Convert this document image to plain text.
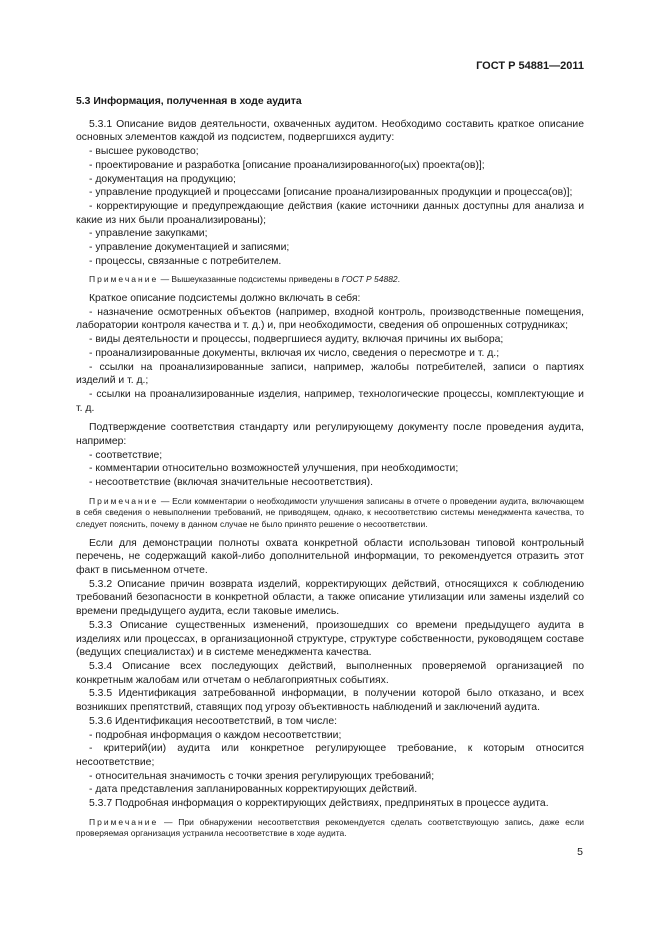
ГОСТ Р 54881—2011

5.3 Информация, полученная в ходе аудита

5.3.1 Описание видов деятельности, охваченных аудитом. Необходимо составить краткое описание основных элементов каждой из подсистем, подвергшихся аудиту:

- высшее руководство;

- проектирование и разработка [описание проанализированного(ых) проекта(ов)];

- документация на продукцию;

- управление продукцией и процессами [описание проанализированных продукции и процесса(ов)];

- корректирующие и предупреждающие действия (какие источники данных доступны для анализа и какие из них были проанализированы);

- управление закупками;

- управление документацией и записями;

- процессы, связанные с потребителем.

Примечание — Вышеуказанные подсистемы приведены в ГОСТ Р 54882.

Краткое описание подсистемы должно включать в себя:

- назначение осмотренных объектов (например, входной контроль, производственные помещения, лаборатории контроля качества и т. д.) и, при необходимости, сведения об опрошенных сотрудниках;

- виды деятельности и процессы, подвергшиеся аудиту, включая причины их выбора;

- проанализированные документы, включая их число, сведения о пересмотре и т. д.;

- ссылки на проанализированные записи, например, жалобы потребителей, записи о партиях изделий и т. д.;

- ссылки на проанализированные изделия, например, технологические процессы, комплектующие и т. д.

Подтверждение соответствия стандарту или регулирующему документу после проведения аудита, например:

- соответствие;

- комментарии относительно возможностей улучшения, при необходимости;

- несоответствие (включая значительные несоответствия).

Примечание — Если комментарии о необходимости улучшения записаны в отчете о проведении аудита, включающем в себя сведения о невыполнении требований, не приводящем, однако, к несоответствию системы менеджмента качества, то следует пояснить, почему в данном случае не было принято решение о несоответствии.

Если для демонстрации полноты охвата конкретной области использован типовой контрольный перечень, не содержащий какой-либо дополнительной информации, то рекомендуется отразить этот факт в письменном отчете.

5.3.2 Описание причин возврата изделий, корректирующих действий, относящихся к соблюдению требований безопасности в конкретной области, а также описание утилизации или замены изделий со времени предыдущего аудита, если таковые имелись.

5.3.3 Описание существенных изменений, произошедших со времени предыдущего аудита в изделиях или процессах, в организационной структуре, структуре собственности, руководящем составе (ведущих специалистах) и в системе менеджмента качества.

5.3.4 Описание всех последующих действий, выполненных проверяемой организацией по конкретным жалобам или отчетам о неблагоприятных событиях.

5.3.5 Идентификация затребованной информации, в получении которой было отказано, и всех возникших препятствий, ставящих под угрозу объективность наблюдений и заключений аудита.

5.3.6 Идентификация несоответствий, в том числе:

- подробная информация о каждом несоответствии;

- критерий(ии) аудита или конкретное регулирующее требование, к которым относится несоответствие;

- относительная значимость с точки зрения регулирующих требований;

- дата представления запланированных корректирующих действий.

5.3.7 Подробная информация о корректирующих действиях, предпринятых в процессе аудита.

Примечание — При обнаружении несоответствия рекомендуется сделать соответствующую запись, даже если проверяемая организация устранила несоответствие в ходе аудита.

5
